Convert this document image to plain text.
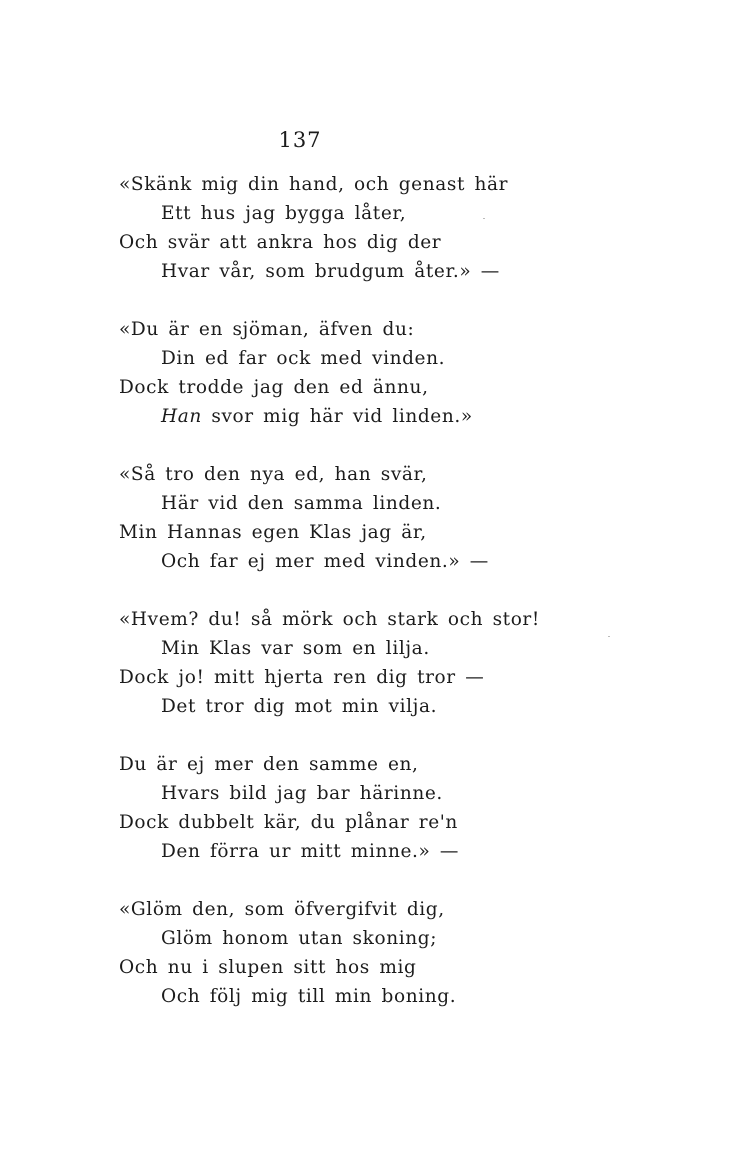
137
«Skänk mig din hand, och genast här
Ett hus jag bygga låter,
Och svär att ankra hos dig der
Hvar vår, som brudgum åter.» —
«Du är en sjöman, äfven du:
Din ed far ock med vinden.
Dock trodde jag den ed ännu,
Han svor mig här vid linden.»
«Så tro den nya ed, han svär,
Här vid den samma linden.
Min Hannas egen Klas jag är,
Och far ej mer med vinden.» —
«Hvem? du! så mörk och stark och stor!
Min Klas var som en lilja.
Dock jo! mitt hjerta ren dig tror —
Det tror dig mot min vilja.
Du är ej mer den samme en,
Hvars bild jag bar härinne.
Dock dubbelt kär, du plånar re'n
Den förra ur mitt minne.» —
«Glöm den, som öfvergifvit dig,
Glöm honom utan skoning;
Och nu i slupen sitt hos mig
Och följ mig till min boning.
